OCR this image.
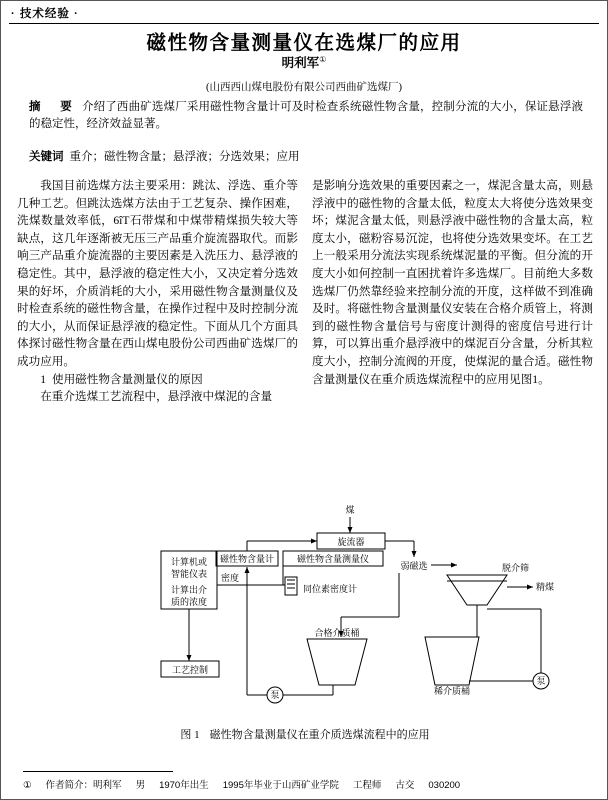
· 技术经验 ·
磁性物含量测量仪在选煤厂的应用
明利军①
(山西西山煤电股份有限公司西曲矿选煤厂)
摘　要 介绍了西曲矿选煤厂采用磁性物含量计可及时检查系统磁性物含量，控制分流的大小，保证悬浮液的稳定性，经济效益显著。
关键词 重介；磁性物含量；悬浮液；分选效果；应用

我国目前选煤方法主要采用：跳汰、浮选、重介等几种工艺。但跳汰选煤方法由于工艺复杂、操作困难，洗煤数量效率低，6îT石带煤和中煤带精煤损失较大等缺点，这几年逐渐被无压三产品重介旋流器取代。而影响三产品重介旋流器的主要因素是入洗压力、悬浮液的稳定性。其中，悬浮液的稳定性大小，又决定着分选效果的好坏，介质消耗的大小，采用磁性物含量测量仪及时检查系统的磁性物含量，在操作过程中及时控制分流的大小，从而保证悬浮液的稳定性。下面从几个方面具体探讨磁性物含量在西山煤电股份公司西曲矿选煤厂的成功应用。

1 使用磁性物含量测量仪的原因

在重介选煤工艺流程中，悬浮液中煤泥的含量

是影响分选效果的重要因素之一，煤泥含量太高，则悬浮液中的磁性物的含量太低，粒度太大将使分选效果变坏；煤泥含量太低，则悬浮液中磁性物的含量太高，粒度太小，磁粉容易沉淀，也将使分选效果变坏。在工艺上一般采用分流法实现系统煤泥量的平衡。但分流的开度大小如何控制一直困扰着许多选煤厂。目前绝大多数选煤厂仍然靠经验来控制分流的开度，这样做不到准确及时。将磁性物含量测量仪安装在合格介质管上，将测到的磁性物含量信号与密度计测得的密度信号进行计算，可以算出重介悬浮液中的煤泥百分含量，分析其粒度大小，控制分流阀的开度，使煤泥的量合适。磁性物含量测量仪在重介质选煤流程中的应用见图1。

煤
旋流器
弱磁选	脱介筛
精煤
磁性物含量计	磁性物含量测量仪
计算机或
智能仪表
计算出介
质的浓度
密度
同位素密度计
工艺控制
合格介质桶
稀介质桶
泵
泵
图 1 磁性物含量测量仪在重介质选煤流程中的应用
① 作者简介：明利军 男 1970年出生 1995年毕业于山西矿业学院 工程师 古交 030200
